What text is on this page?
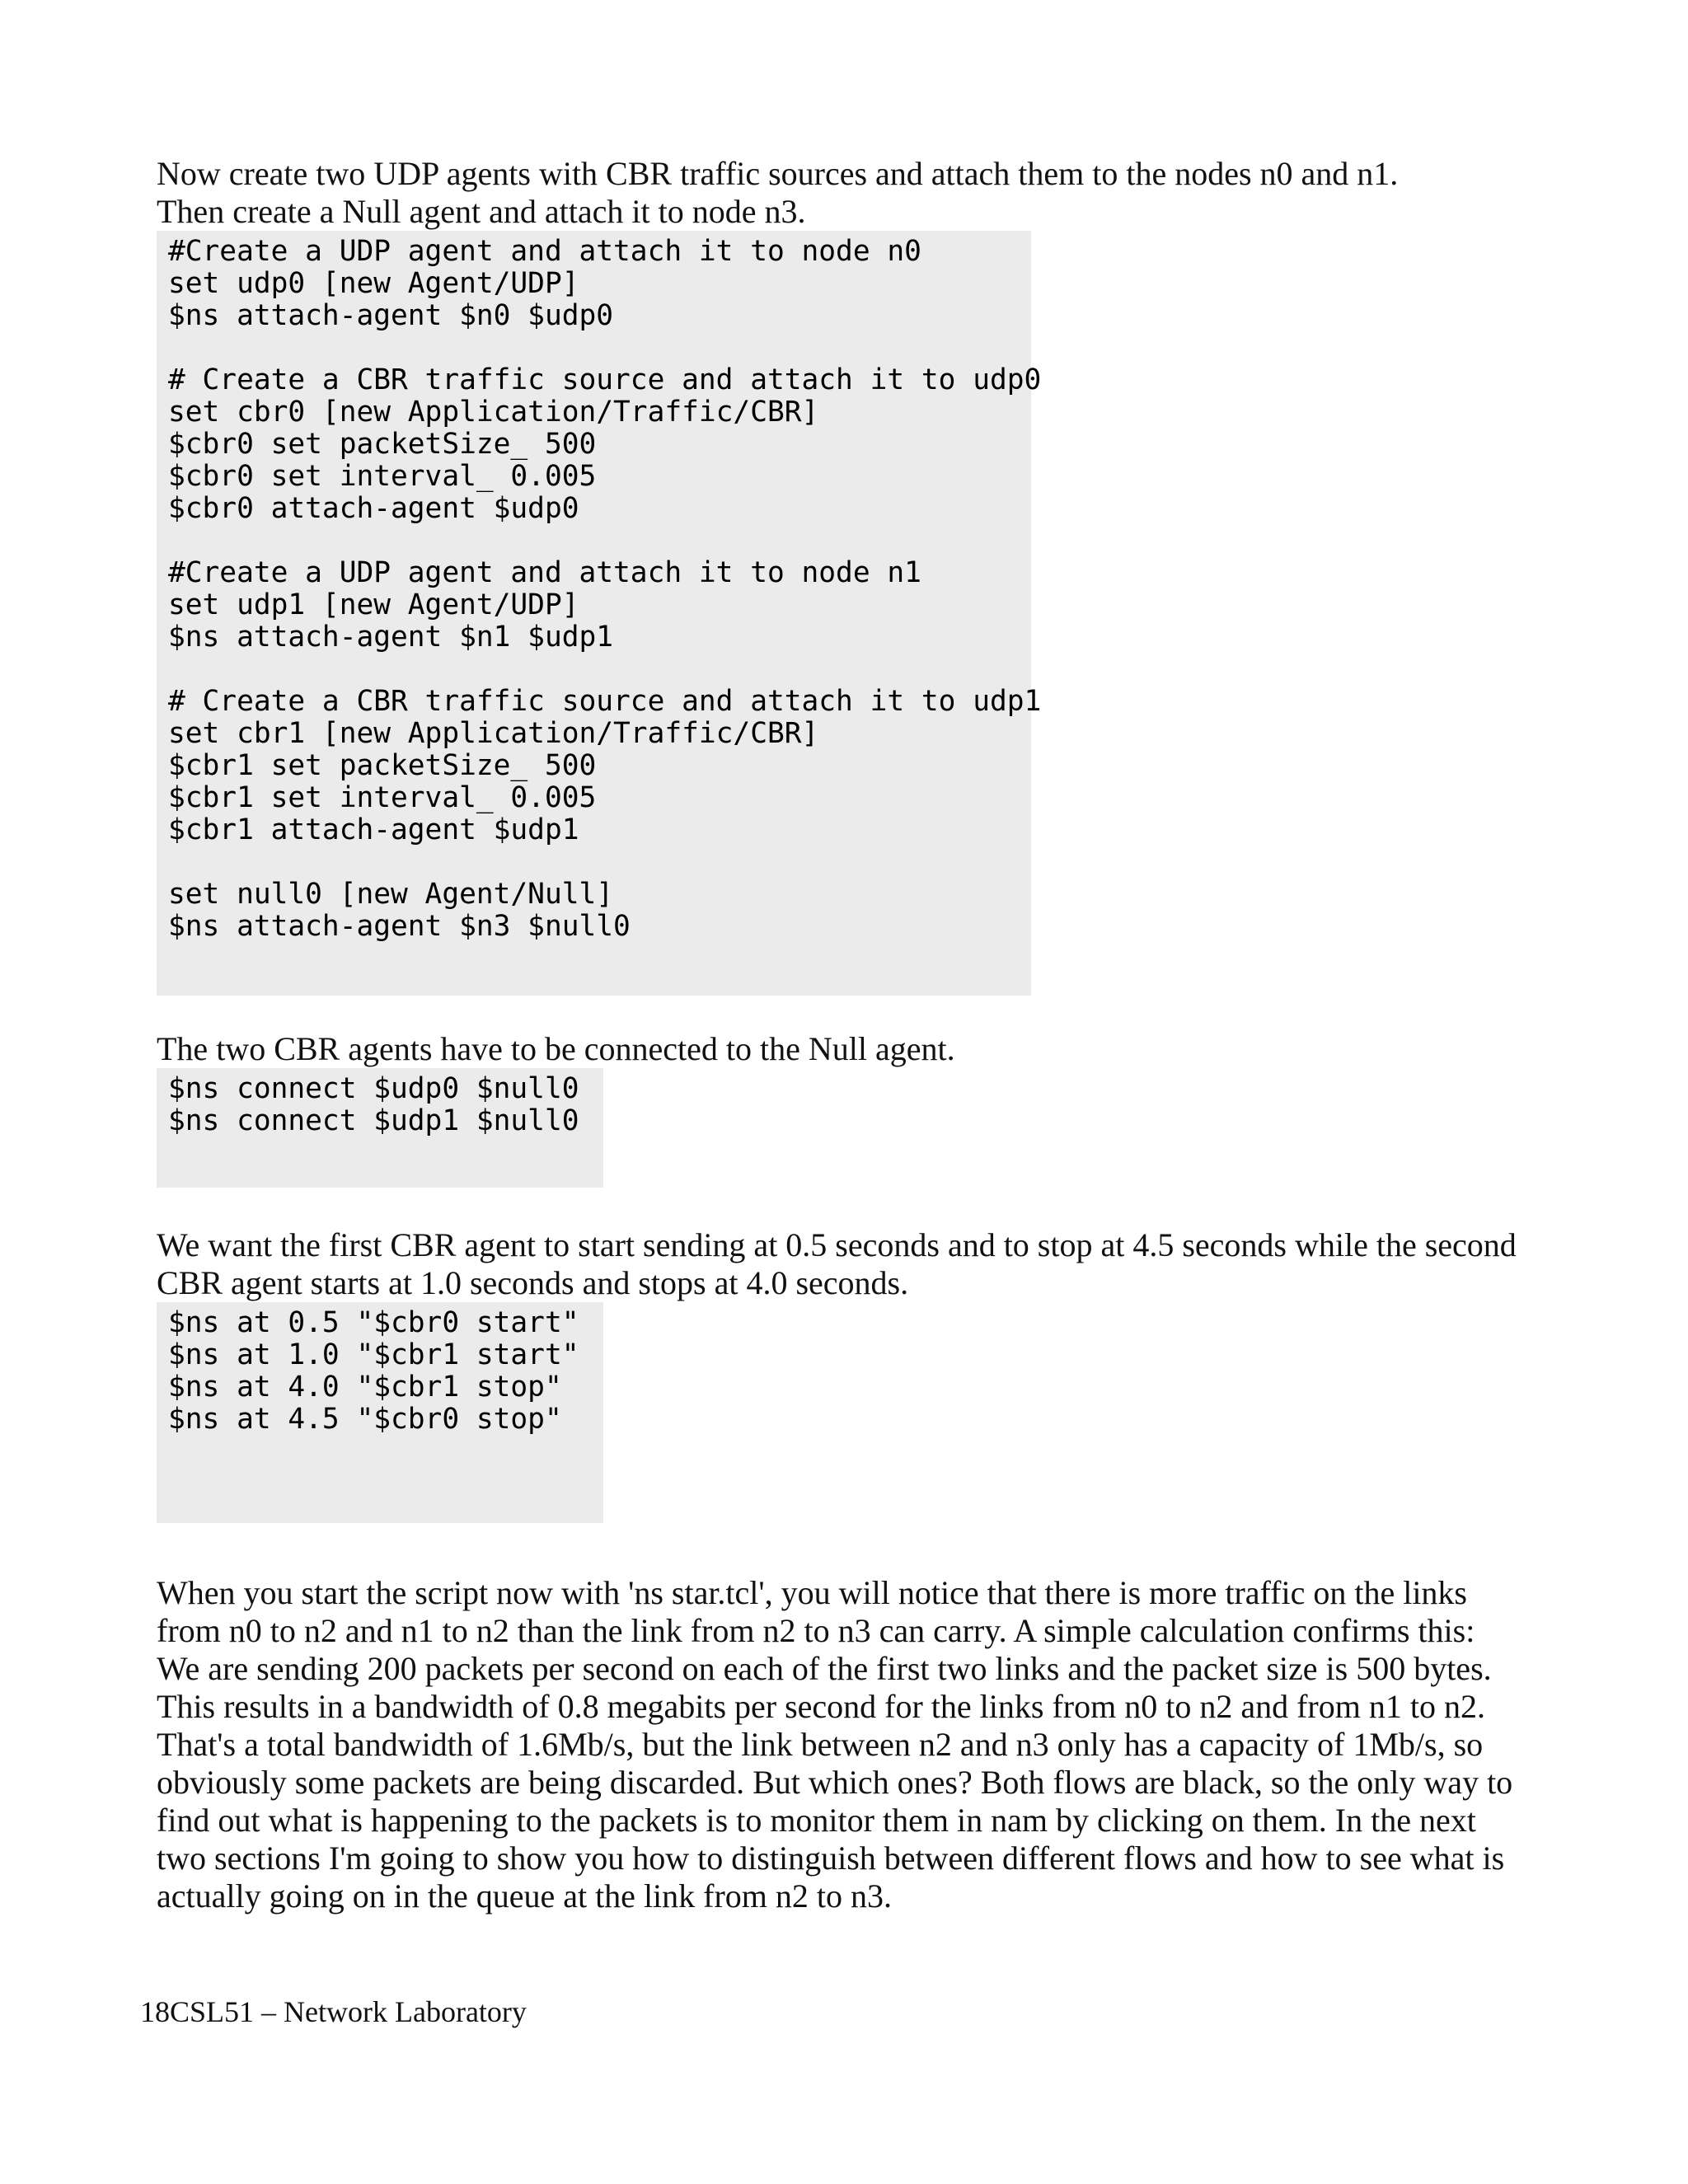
Now create two UDP agents with CBR traffic sources and attach them to the nodes n0 and n1.
Then create a Null agent and attach it to node n3.
#Create a UDP agent and attach it to node n0
set udp0 [new Agent/UDP]
$ns attach-agent $n0 $udp0
# Create a CBR traffic source and attach it to udp0
set cbr0 [new Application/Traffic/CBR]
$cbr0 set packetSize_ 500
$cbr0 set interval_ 0.005
$cbr0 attach-agent $udp0
#Create a UDP agent and attach it to node n1
set udp1 [new Agent/UDP]
$ns attach-agent $n1 $udp1
# Create a CBR traffic source and attach it to udp1
set cbr1 [new Application/Traffic/CBR]
$cbr1 set packetSize_ 500
$cbr1 set interval_ 0.005
$cbr1 attach-agent $udp1
set null0 [new Agent/Null]
$ns attach-agent $n3 $null0
The two CBR agents have to be connected to the Null agent.
$ns connect $udp0 $null0
$ns connect $udp1 $null0
We want the first CBR agent to start sending at 0.5 seconds and to stop at 4.5 seconds while the second
CBR agent starts at 1.0 seconds and stops at 4.0 seconds.
$ns at 0.5 "$cbr0 start"
$ns at 1.0 "$cbr1 start"
$ns at 4.0 "$cbr1 stop"
$ns at 4.5 "$cbr0 stop"
When you start the script now with 'ns star.tcl', you will notice that there is more traffic on the links
from n0 to n2 and n1 to n2 than the link from n2 to n3 can carry. A simple calculation confirms this:
We are sending 200 packets per second on each of the first two links and the packet size is 500 bytes.
This results in a bandwidth of 0.8 megabits per second for the links from n0 to n2 and from n1 to n2.
That's a total bandwidth of 1.6Mb/s, but the link between n2 and n3 only has a capacity of 1Mb/s, so
obviously some packets are being discarded. But which ones? Both flows are black, so the only way to
find out what is happening to the packets is to monitor them in nam by clicking on them. In the next
two sections I'm going to show you how to distinguish between different flows and how to see what is
actually going on in the queue at the link from n2 to n3.
18CSL51 – Network Laboratory
